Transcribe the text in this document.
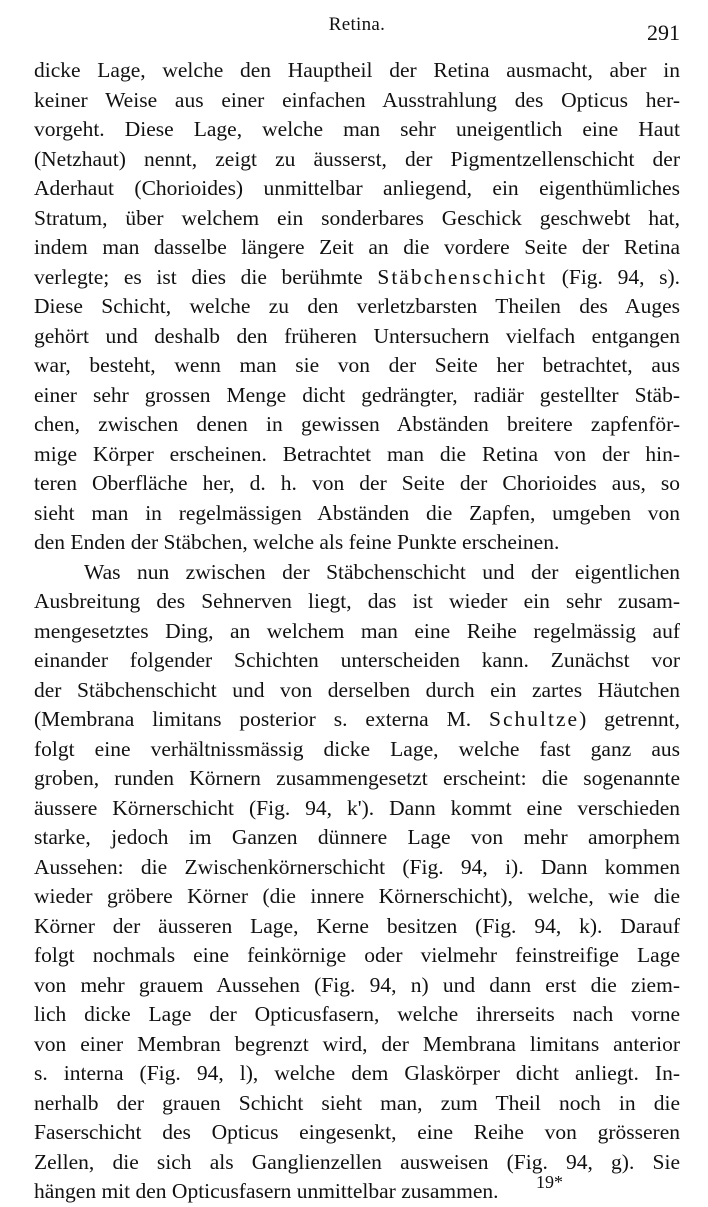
Retina.	291
dicke Lage, welche den Hauptheil der Retina ausmacht, aber in
keiner Weise aus einer einfachen Ausstrahlung des Opticus her-
vorgeht. Diese Lage, welche man sehr uneigentlich eine Haut
(Netzhaut) nennt, zeigt zu äusserst, der Pigmentzellenschicht der
Aderhaut (Chorioides) unmittelbar anliegend, ein eigenthümliches
Stratum, über welchem ein sonderbares Geschick geschwebt hat,
indem man dasselbe längere Zeit an die vordere Seite der Retina
verlegte; es ist dies die berühmte Stäbchenschicht (Fig. 94, s).
Diese Schicht, welche zu den verletzbarsten Theilen des Auges
gehört und deshalb den früheren Untersuchern vielfach entgangen
war, besteht, wenn man sie von der Seite her betrachtet, aus
einer sehr grossen Menge dicht gedrängter, radiär gestellter Stäb-
chen, zwischen denen in gewissen Abständen breitere zapfenför-
mige Körper erscheinen. Betrachtet man die Retina von der hin-
teren Oberfläche her, d. h. von der Seite der Chorioides aus, so
sieht man in regelmässigen Abständen die Zapfen, umgeben von
den Enden der Stäbchen, welche als feine Punkte erscheinen.
Was nun zwischen der Stäbchenschicht und der eigentlichen
Ausbreitung des Sehnerven liegt, das ist wieder ein sehr zusam-
mengesetztes Ding, an welchem man eine Reihe regelmässig auf
einander folgender Schichten unterscheiden kann. Zunächst vor
der Stäbchenschicht und von derselben durch ein zartes Häutchen
(Membrana limitans posterior s. externa M. Schultze) getrennt,
folgt eine verhältnissmässig dicke Lage, welche fast ganz aus
groben, runden Körnern zusammengesetzt erscheint: die sogenannte
äussere Körnerschicht (Fig. 94, k'). Dann kommt eine verschieden
starke, jedoch im Ganzen dünnere Lage von mehr amorphem
Aussehen: die Zwischenkörnerschicht (Fig. 94, i). Dann kommen
wieder gröbere Körner (die innere Körnerschicht), welche, wie die
Körner der äusseren Lage, Kerne besitzen (Fig. 94, k). Darauf
folgt nochmals eine feinkörnige oder vielmehr feinstreifige Lage
von mehr grauem Aussehen (Fig. 94, n) und dann erst die ziem-
lich dicke Lage der Opticusfasern, welche ihrerseits nach vorne
von einer Membran begrenzt wird, der Membrana limitans anterior
s. interna (Fig. 94, l), welche dem Glaskörper dicht anliegt. In-
nerhalb der grauen Schicht sieht man, zum Theil noch in die
Faserschicht des Opticus eingesenkt, eine Reihe von grösseren
Zellen, die sich als Ganglienzellen ausweisen (Fig. 94, g). Sie
hängen mit den Opticusfasern unmittelbar zusammen.	19*
